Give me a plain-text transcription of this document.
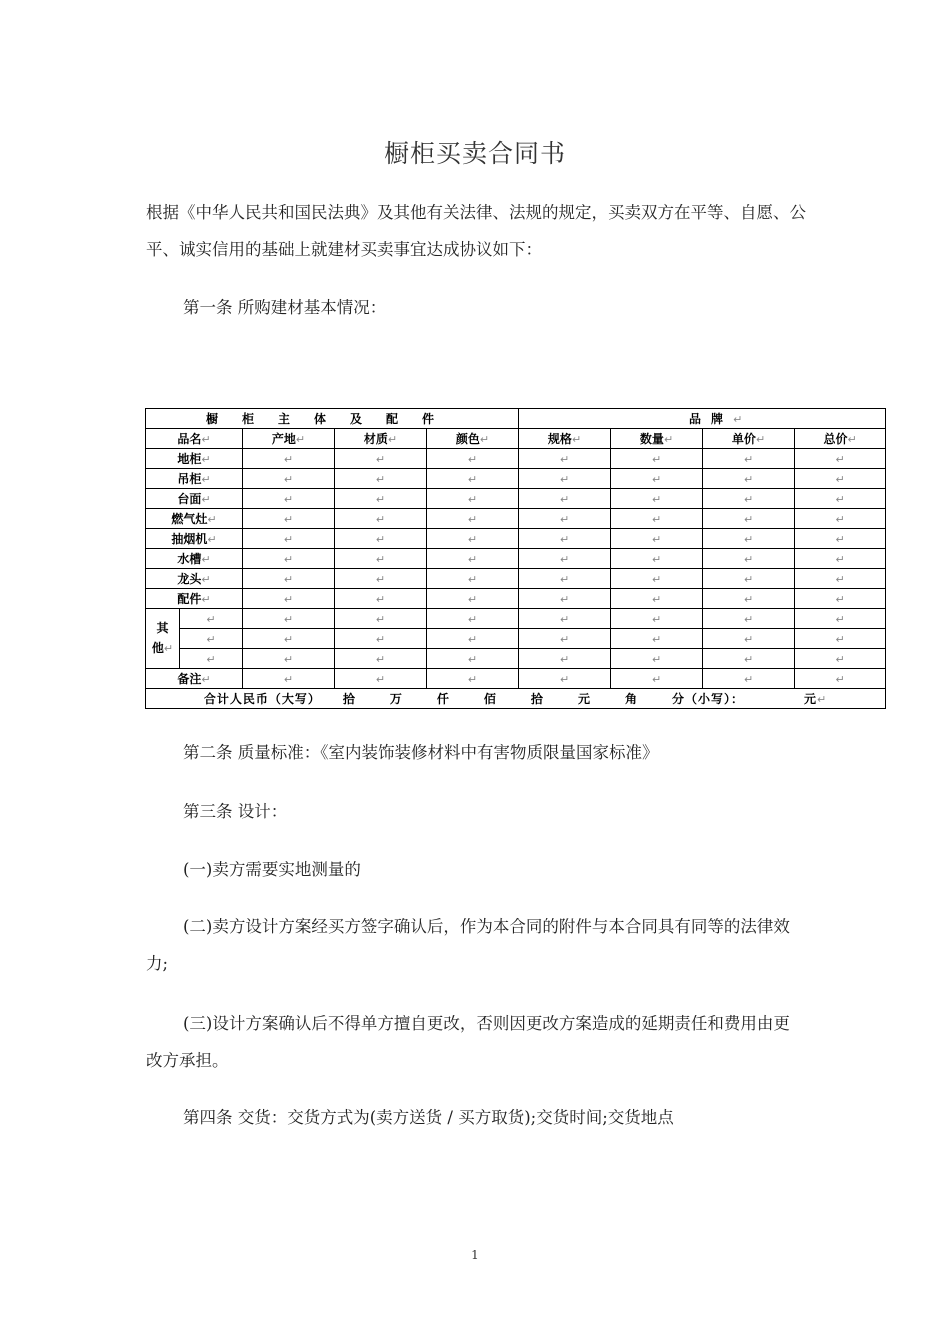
橱柜买卖合同书
根据《中华人民共和国民法典》及其他有关法律、法规的规定，买卖双方在平等、自愿、公平、诚实信用的基础上就建材买卖事宜达成协议如下：
第一条 所购建材基本情况：
橱柜主体及配件					品牌↵			
品名↵		产地↵	材质↵	颜色↵	规格↵	数量↵	单价↵	总价↵
地柜↵		↵	↵	↵	↵	↵	↵	↵
吊柜↵		↵	↵	↵	↵	↵	↵	↵
台面↵		↵	↵	↵	↵	↵	↵	↵
燃气灶↵		↵	↵	↵	↵	↵	↵	↵
抽烟机↵		↵	↵	↵	↵	↵	↵	↵
水槽↵		↵	↵	↵	↵	↵	↵	↵
龙头↵		↵	↵	↵	↵	↵	↵	↵
配件↵		↵	↵	↵	↵	↵	↵	↵

其
他↵	↵	↵	↵	↵	↵	↵	↵	↵
	↵	↵	↵	↵	↵	↵	↵	↵
	↵	↵	↵	↵	↵	↵	↵	↵
备注↵		↵	↵	↵	↵	↵	↵	↵
合计人民币（大写） 拾 万 仟 佰 拾 元 角 分（小写）： 元↵								
第二条 质量标准：《室内装饰装修材料中有害物质限量国家标准》
第三条 设计：
(一)卖方需要实地测量的
(二)卖方设计方案经买方签字确认后，作为本合同的附件与本合同具有同等的法律效力;
(三)设计方案确认后不得单方擅自更改，否则因更改方案造成的延期责任和费用由更改方承担。
第四条 交货：交货方式为(卖方送货 / 买方取货);交货时间;交货地点
1
